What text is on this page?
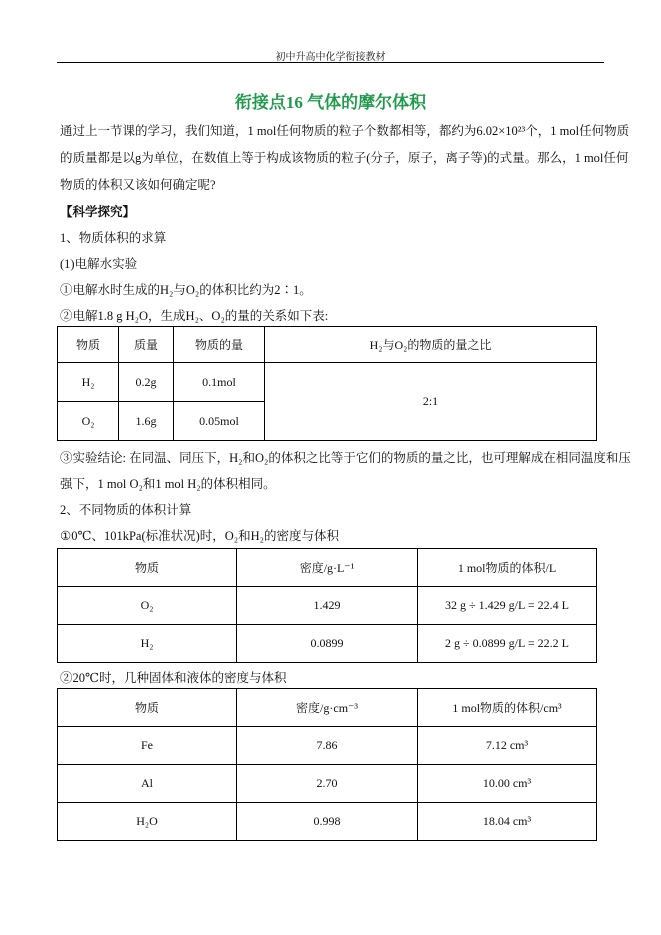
初中升高中化学衔接教材
衔接点16 气体的摩尔体积
通过上一节课的学习，我们知道，1 mol任何物质的粒子个数都相等，都约为6.02×10²³个，1 mol任何物质
的质量都是以g为单位，在数值上等于构成该物质的粒子(分子，原子，离子等)的式量。那么，1 mol任何
物质的体积又该如何确定呢?
【科学探究】
1、物质体积的求算
(1)电解水实验
①电解水时生成的H₂与O₂的体积比约为2∶1。
②电解1.8 g H₂O，生成H₂、O₂的量的关系如下表:
物质	质量	物质的量	H₂与O₂的物质的量之比
H₂	0.2g	0.1mol	2:1
O₂	1.6g	0.05mol	
③实验结论: 在同温、同压下，H₂和O₂的体积之比等于它们的物质的量之比，也可理解成在相同温度和压
强下，1 mol O₂和1 mol H₂的体积相同。
2、不同物质的体积计算
①0℃、101kPa(标准状况)时，O₂和H₂的密度与体积
物质	密度/g·L⁻¹	1 mol物质的体积/L
O₂	1.429	32 g ÷ 1.429 g/L = 22.4 L
H₂	0.0899	2 g ÷ 0.0899 g/L = 22.2 L
②20℃时，几种固体和液体的密度与体积
物质	密度/g·cm⁻³	1 mol物质的体积/cm³
Fe	7.86	7.12 cm³
Al	2.70	10.00 cm³
H₂O	0.998	18.04 cm³
